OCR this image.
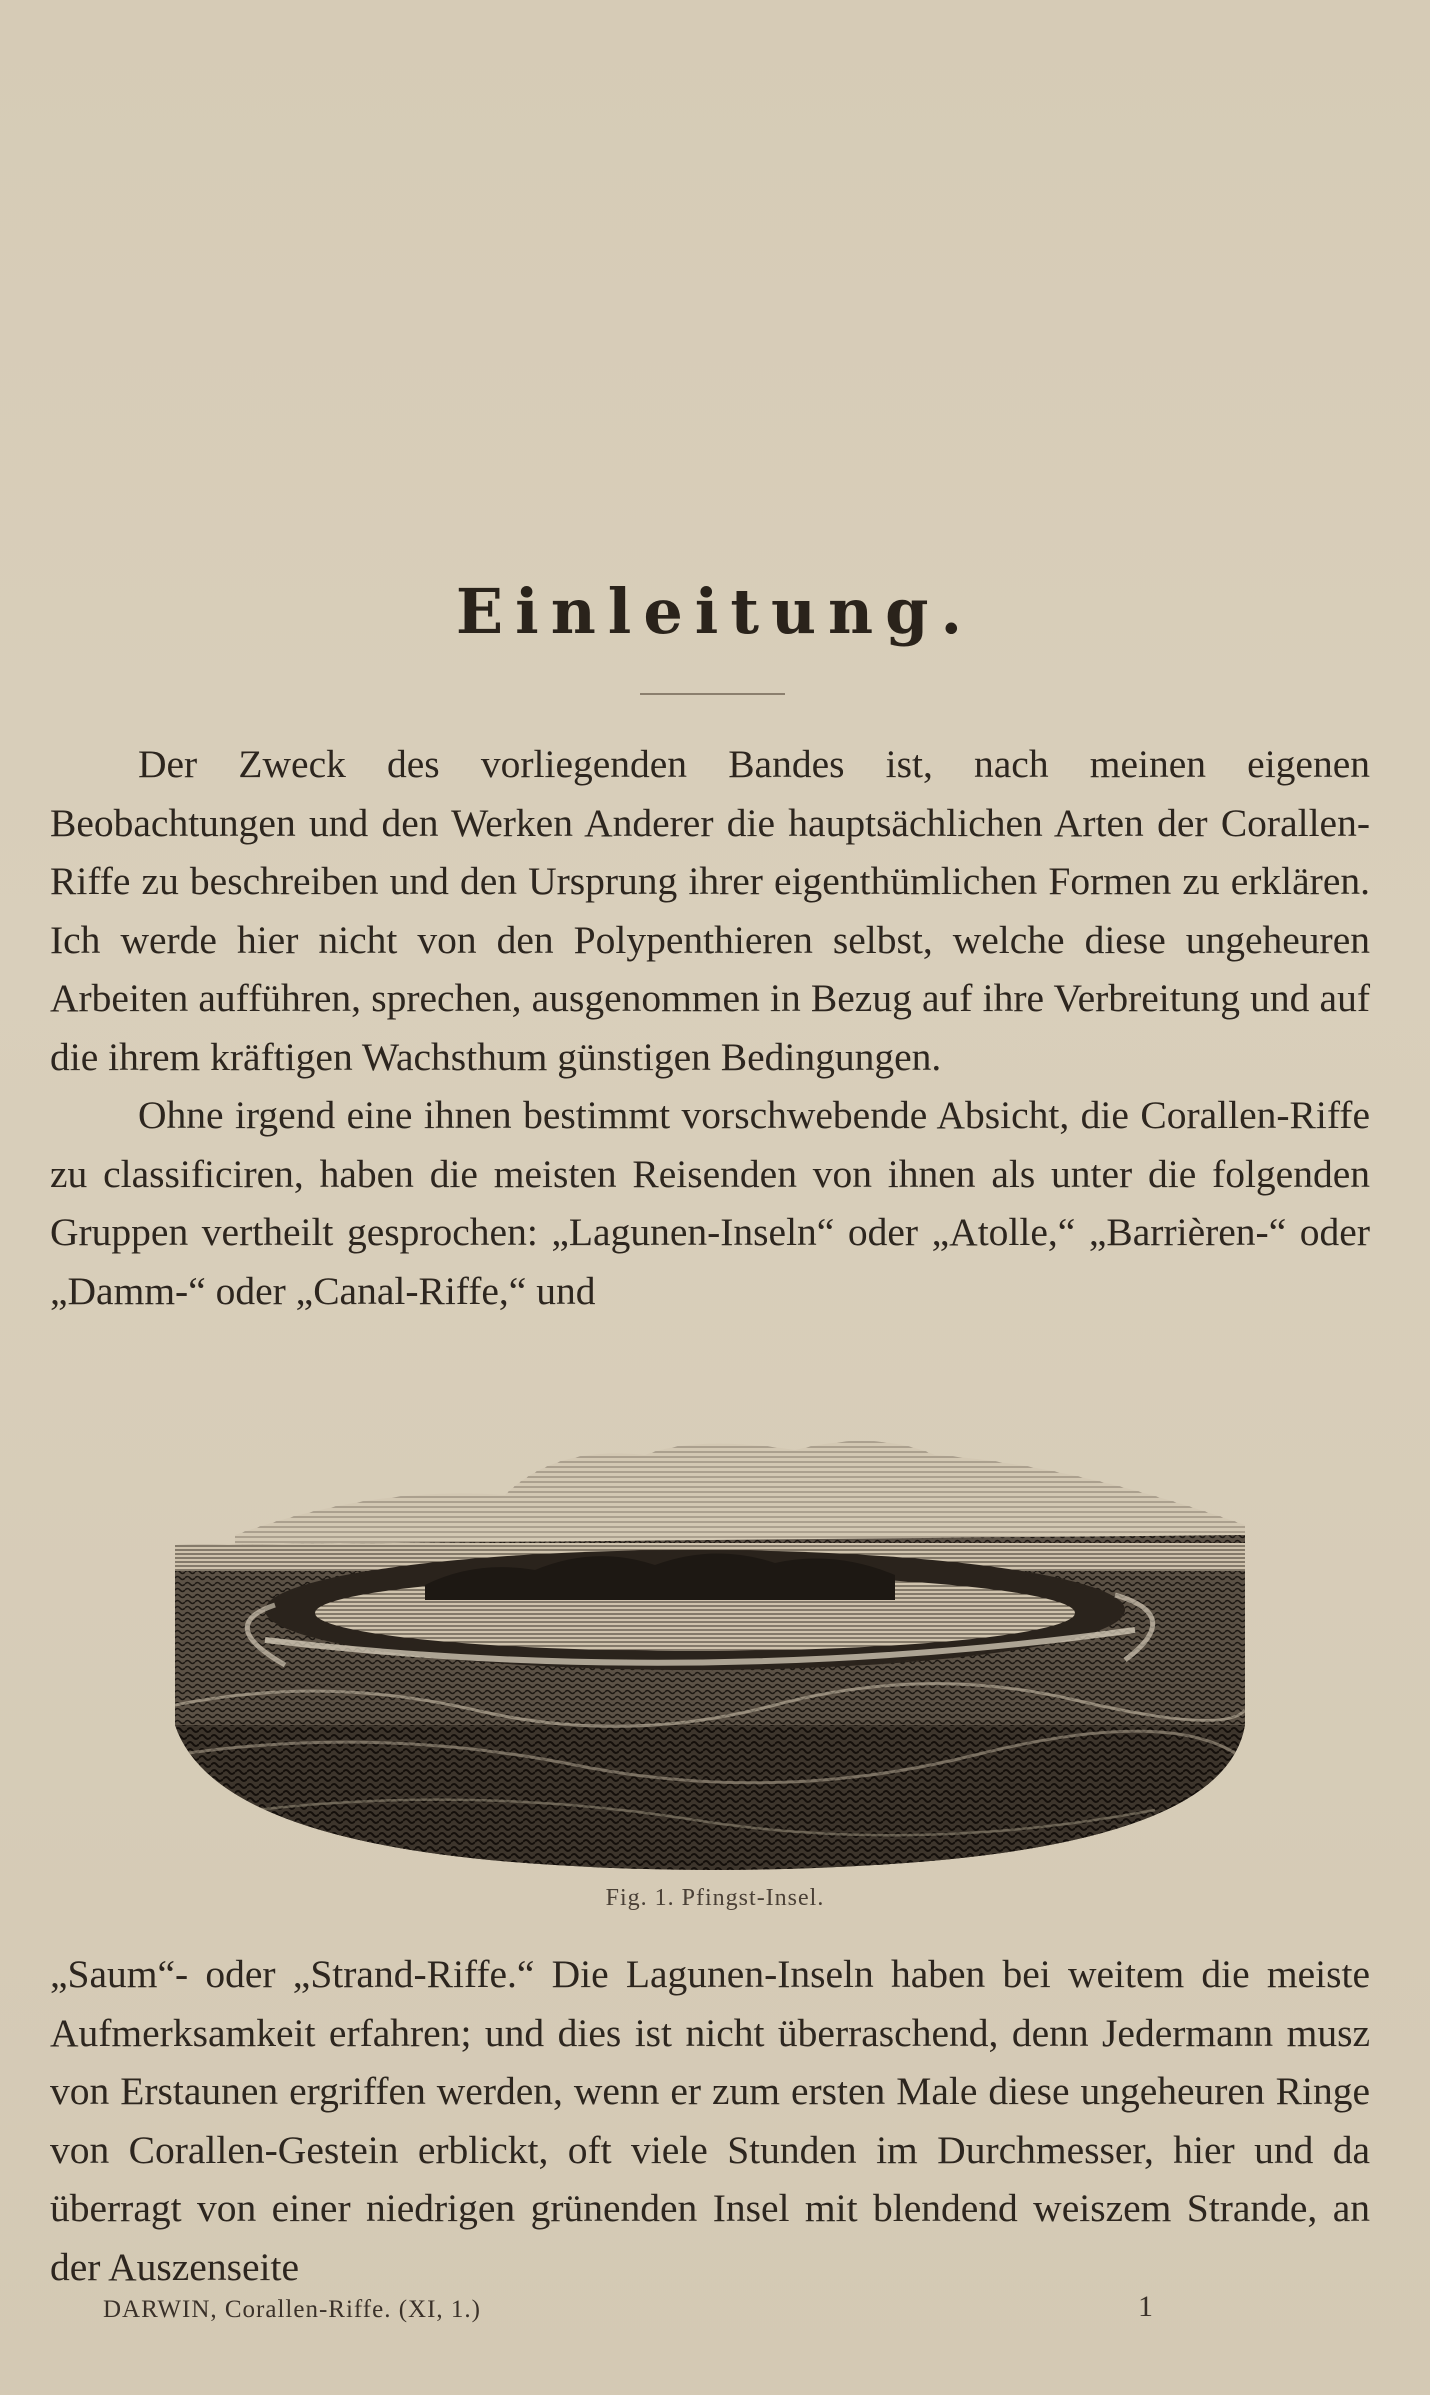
Einleitung.

Der Zweck des vorliegenden Bandes ist, nach meinen eigenen Beobachtungen und den Werken Anderer die hauptsächlichen Arten der Corallen-Riffe zu beschreiben und den Ursprung ihrer eigenthümlichen Formen zu erklären. Ich werde hier nicht von den Polypenthieren selbst, welche diese ungeheuren Arbeiten aufführen, sprechen, ausgenommen in Bezug auf ihre Verbreitung und auf die ihrem kräftigen Wachsthum günstigen Bedingungen.

Ohne irgend eine ihnen bestimmt vorschwebende Absicht, die Corallen-Riffe zu classificiren, haben die meisten Reisenden von ihnen als unter die folgenden Gruppen vertheilt gesprochen: „Lagunen-Inseln“ oder „Atolle,“ „Barrièren-“ oder „Damm-“ oder „Canal-Riffe,“ und

Fig. 1. Pfingst-Insel.

„Saum“- oder „Strand-Riffe.“ Die Lagunen-Inseln haben bei weitem die meiste Aufmerksamkeit erfahren; und dies ist nicht überraschend, denn Jedermann musz von Erstaunen ergriffen werden, wenn er zum ersten Male diese ungeheuren Ringe von Corallen-Gestein erblickt, oft viele Stunden im Durchmesser, hier und da überragt von einer niedrigen grünenden Insel mit blendend weiszem Strande, an der Auszenseite

DARWIN, Corallen-Riffe. (XI, 1.)	1
